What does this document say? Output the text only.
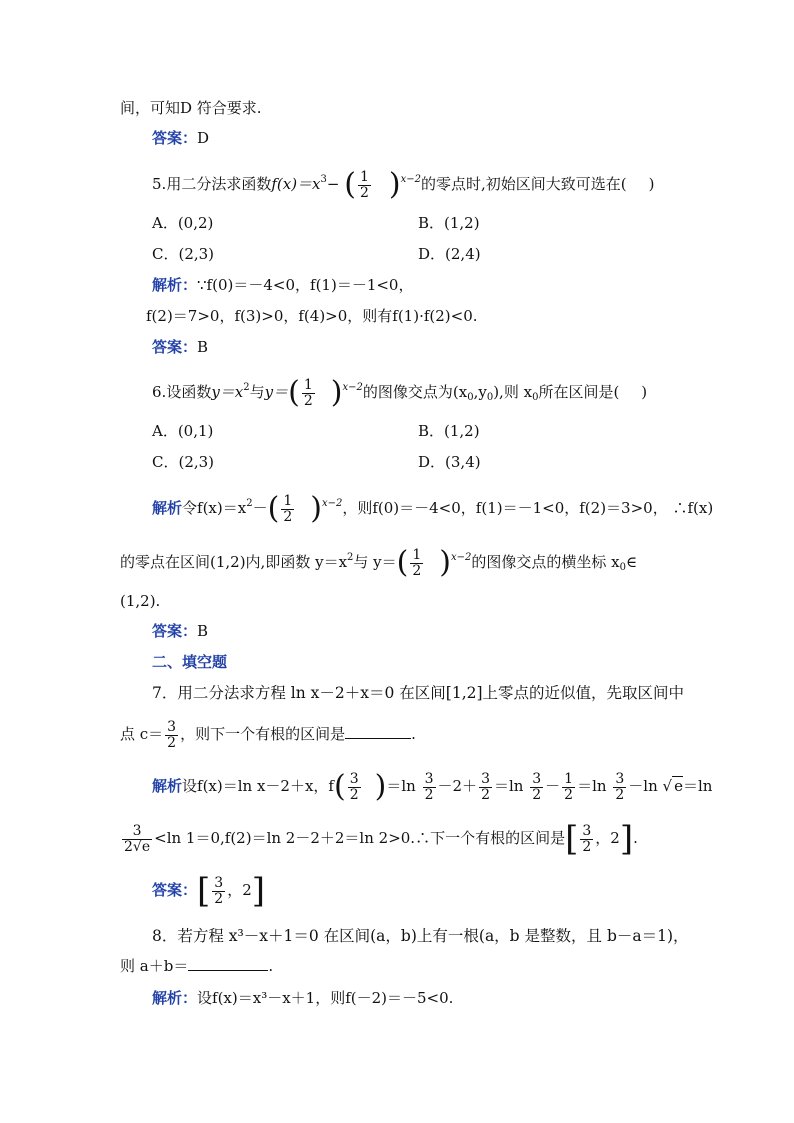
间，可知D 符合要求.
答案：D
5.用二分法求函数$f(x)=x^3-$ ( $\frac{1}{2} )^{x-2}$的零点时,初始区间大致可选在( )
A．(0,2)	B．(1,2)
C．(2,3)	D．(2,4)
解析：∵f(0)＝－4<0，f(1)＝－1<0，
f(2)＝7>0，f(3)>0，f(4)>0，则有f(1)·f(2)<0.
答案：B
6.设函数$y=x^2$与$y=( \frac{1}{2} )^{x-2}$的图像交点为$(x_0,y_0)$,则 $x_0$所在区间是( )
A．(0,1)	B．(1,2)
C．(2,3)	D．(3,4)
解析令$f(x)=x^2-( \frac{1}{2} )^{x-2}$，则f(0)＝－4<0，f(1)＝－1<0，f(2)＝3>0， ∴f(x)
的零点在区间(1,2)内,即函数 $y=x^2$与 $y=( \frac{1}{2} )^{x-2}$的图像交点的横坐标 $x_0\in$
(1,2).
答案：B
二、填空题
7．用二分法求方程 ln x－2＋x＝0 在区间[1,2]上零点的近似值，先取区间中
点 $c= \frac{3}{2}$ ，则下一个有根的区间是	.
解析设f(x)＝ln x－2＋x，$f( \frac{3}{2} )=\ln \frac{3}{2} -2+ \frac{3}{2} =\ln \frac{3}{2} - \frac{1}{2} =\ln \frac{3}{2} -\ln$ √ e＝ln
$\frac{3}{2√e} <\ln$ 1＝0,f(2)＝ln 2－2＋2＝ln 2>0.∴下一个有根的区间是[ $\frac{3}{2}$ ，2].
答案：[ $\frac{3}{2}$ ，2]
8．若方程 x³－x＋1＝0 在区间(a，b)上有一根(a，b 是整数，且 b－a＝1)，
则 a＋b＝	.
解析：设f(x)＝x³－x＋1，则f(－2)＝－5<0.
